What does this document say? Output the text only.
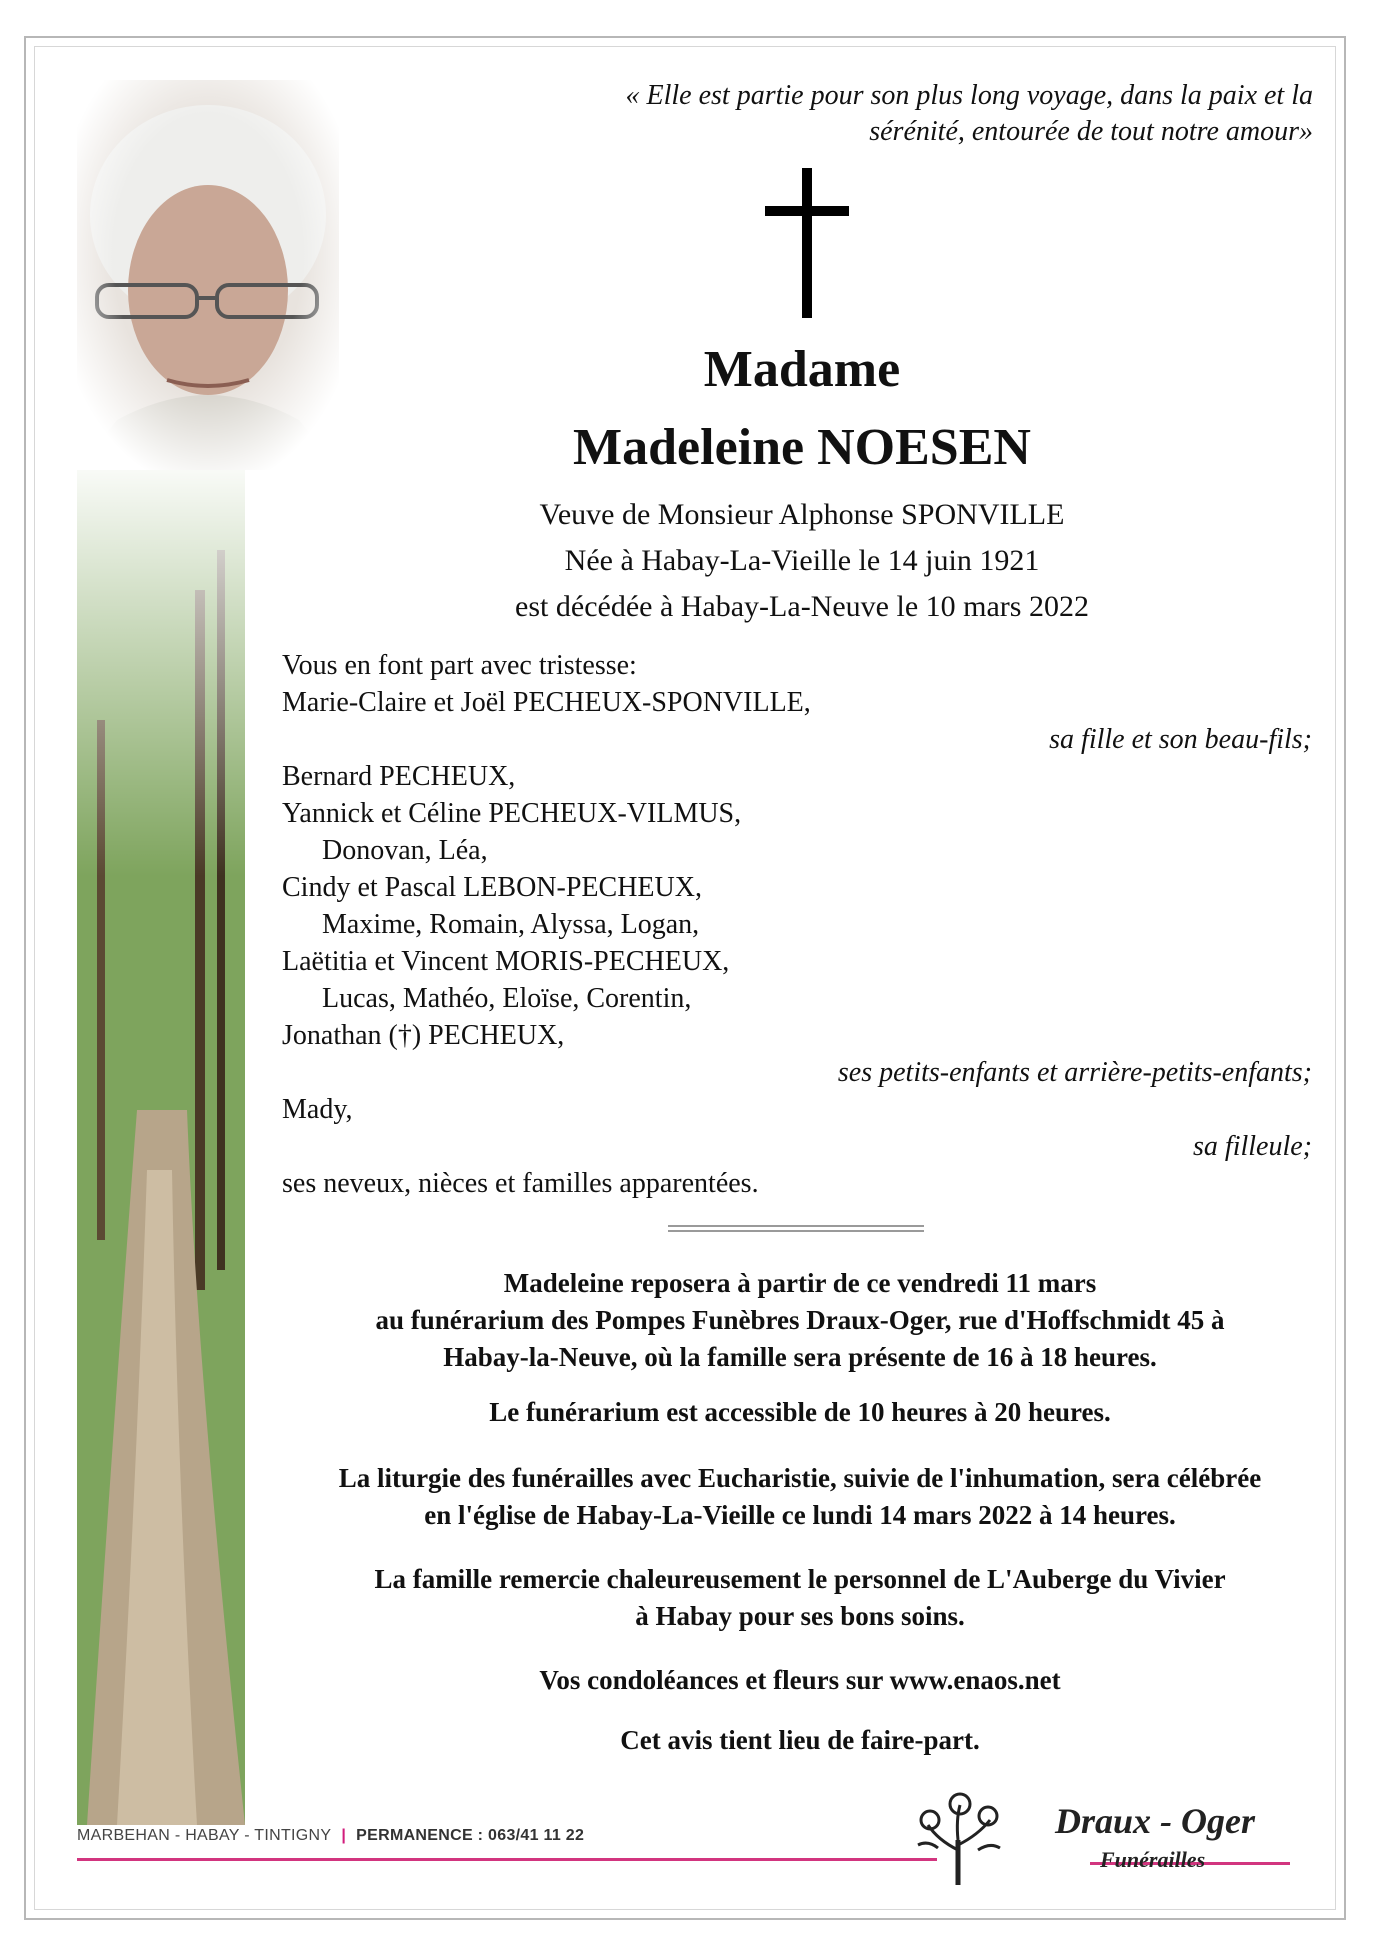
« Elle est partie pour son plus long voyage, dans la paix et la
sérénité, entourée de tout notre amour»
Madame
Madeleine NOESEN
Veuve de Monsieur Alphonse SPONVILLE
Née à Habay-La-Vieille le 14 juin 1921
est décédée à Habay-La-Neuve le 10 mars 2022
Vous en font part avec tristesse:
Marie-Claire et Joël PECHEUX-SPONVILLE,
sa fille et son beau-fils;
Bernard PECHEUX,
Yannick et Céline PECHEUX-VILMUS,
Donovan, Léa,
Cindy et Pascal LEBON-PECHEUX,
Maxime, Romain, Alyssa, Logan,
Laëtitia et Vincent MORIS-PECHEUX,
Lucas, Mathéo, Eloïse, Corentin,
Jonathan (†) PECHEUX,
ses petits-enfants et arrière-petits-enfants;
Mady,
sa filleule;
ses neveux, nièces et familles apparentées.
Madeleine reposera à partir de ce vendredi 11 mars
au funérarium des Pompes Funèbres Draux-Oger, rue d'Hoffschmidt 45 à
Habay-la-Neuve, où la famille sera présente de 16 à 18 heures.
Le funérarium est accessible de 10 heures à 20 heures.
La liturgie des funérailles avec Eucharistie, suivie de l'inhumation, sera célébrée
en l'église de Habay-La-Vieille ce lundi 14 mars 2022 à 14 heures.
La famille remercie chaleureusement le personnel de L'Auberge du Vivier
à Habay pour ses bons soins.
Vos condoléances et fleurs sur www.enaos.net
Cet avis tient lieu de faire-part.
MARBEHAN - HABAY - TINTIGNY | PERMANENCE : 063/41 11 22	Draux - Oger
Funérailles
